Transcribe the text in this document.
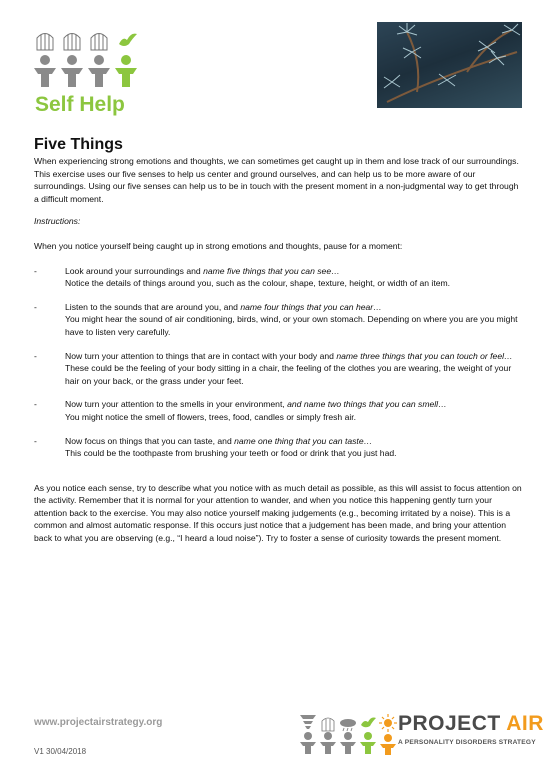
Self Help
Five Things

When experiencing strong emotions and thoughts, we can sometimes get caught up in them and lose track of our surroundings. This exercise uses our five senses to help us center and ground ourselves, and can help us to be more aware of our surroundings. Using our five senses can help us to be in touch with the present moment in a non-judgmental way to get through a difficult moment.

Instructions:

When you notice yourself being caught up in strong emotions and thoughts, pause for a moment:

-	Look around your surroundings and name five things that you can see…
Notice the details of things around you, such as the colour, shape, texture, height, or width of an item.
-	Listen to the sounds that are around you, and name four things that you can hear…
You might hear the sound of air conditioning, birds, wind, or your own stomach. Depending on where you are you might have to listen very carefully.
-	Now turn your attention to things that are in contact with your body and name three things that you can touch or feel…
These could be the feeling of your body sitting in a chair, the feeling of the clothes you are wearing, the weight of your hair on your back, or the grass under your feet.
-	Now turn your attention to the smells in your environment, and name two things that you can smell…
You might notice the smell of flowers, trees, food, candles or simply fresh air.
-	Now focus on things that you can taste, and name one thing that you can taste…
This could be the toothpaste from brushing your teeth or food or drink that you just had.

As you notice each sense, try to describe what you notice with as much detail as possible, as this will assist to focus attention on the activity. Remember that it is normal for your attention to wander, and when you notice this happening gently turn your attention back to the exercise. You may also notice yourself making judgements (e.g., becoming irritated by a noise). This is a common and almost automatic response. If this occurs just notice that a judgement has been made, and bring your attention back to what you are observing (e.g., “I heard a loud noise”). Try to foster a sense of curiosity towards the present moment.

www.projectairstrategy.org
V1 30/04/2018
PROJECT AIR
A PERSONALITY DISORDERS STRATEGY
